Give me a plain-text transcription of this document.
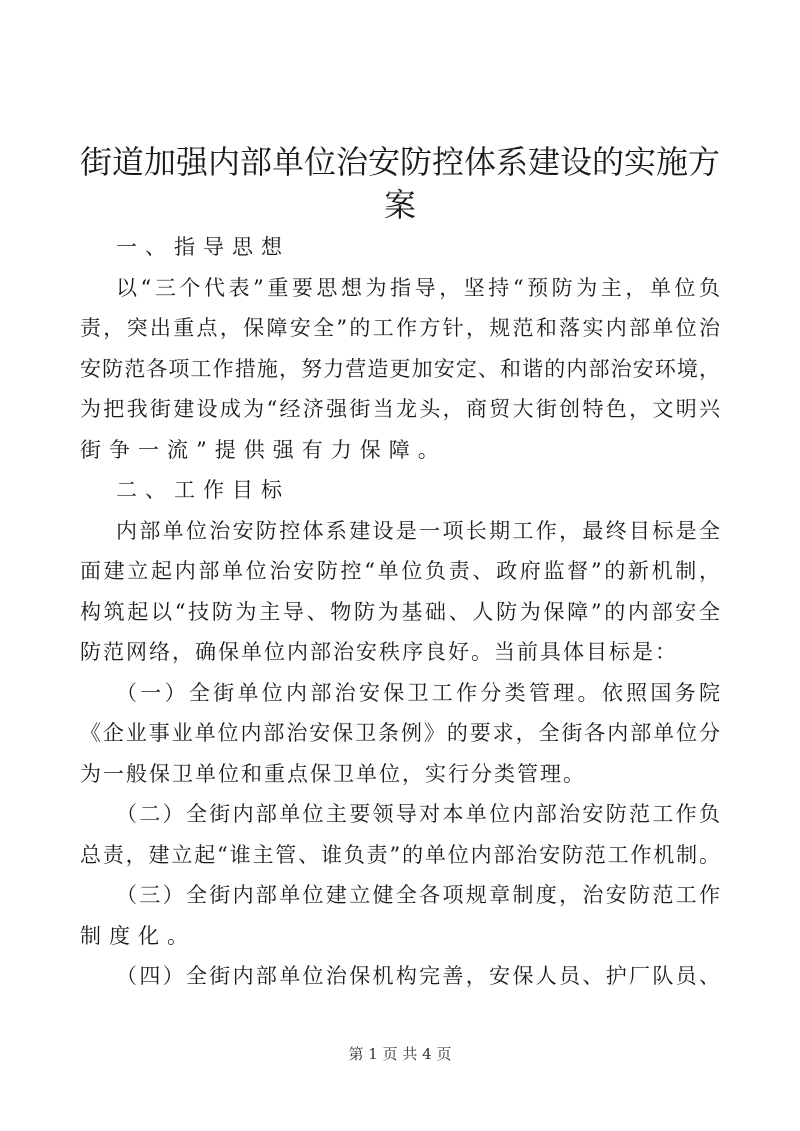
街道加强内部单位治安防控体系建设的实施方
案
一、指导思想
以“三个代表”重要思想为指导，坚持“预防为主，单位负
责，突出重点，保障安全”的工作方针，规范和落实内部单位治
安防范各项工作措施，努力营造更加安定、和谐的内部治安环境，
为把我街建设成为“经济强街当龙头，商贸大街创特色，文明兴
街争一流”提供强有力保障。
二、工作目标
内部单位治安防控体系建设是一项长期工作，最终目标是全
面建立起内部单位治安防控“单位负责、政府监督”的新机制，
构筑起以“技防为主导、物防为基础、人防为保障”的内部安全
防范网络，确保单位内部治安秩序良好。当前具体目标是：
（一）全街单位内部治安保卫工作分类管理。依照国务院
《企业事业单位内部治安保卫条例》的要求，全街各内部单位分
为一般保卫单位和重点保卫单位，实行分类管理。
（二）全街内部单位主要领导对本单位内部治安防范工作负
总责，建立起“谁主管、谁负责”的单位内部治安防范工作机制。
（三）全街内部单位建立健全各项规章制度，治安防范工作
制度化。
（四）全街内部单位治保机构完善，安保人员、护厂队员、
第 1 页 共 4 页
